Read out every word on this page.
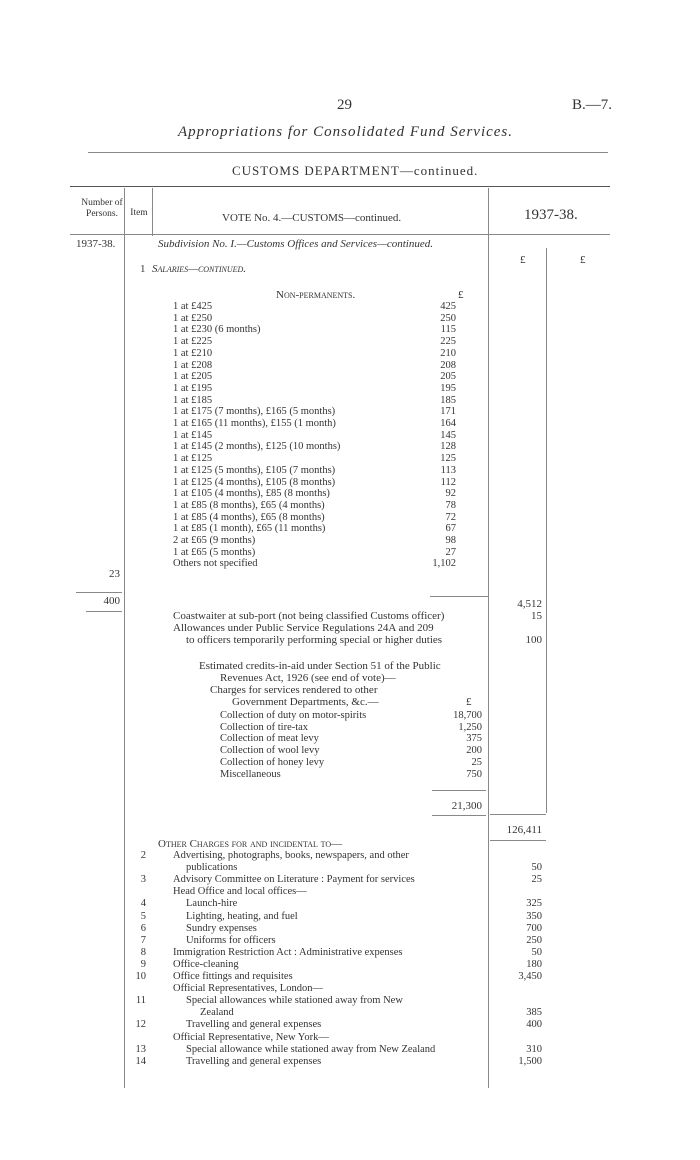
29	B.—7.
Appropriations for Consolidated Fund Services.
CUSTOMS DEPARTMENT—continued.
Number of Persons.	Item	VOTE No. 4.—CUSTOMS—continued.	1937-38.
1937-38.	Subdivision No. I.—Customs Offices and Services—continued.
£	£
1 Salaries—continued.
Non-permanents.	£
1 at £425	425
1 at £250	250
1 at £230 (6 months)	115
1 at £225	225
1 at £210	210
1 at £208	208
1 at £205	205
1 at £195	195
1 at £185	185
1 at £175 (7 months), £165 (5 months)	171
1 at £165 (11 months), £155 (1 month)	164
1 at £145	145
1 at £145 (2 months), £125 (10 months)	128
1 at £125	125
1 at £125 (5 months), £105 (7 months)	113
1 at £125 (4 months), £105 (8 months)	112
1 at £105 (4 months), £85 (8 months)	92
1 at £85 (8 months), £65 (4 months)	78
1 at £85 (4 months), £65 (8 months)	72
1 at £85 (1 month), £65 (11 months)	67
2 at £65 (9 months)	98
1 at £65 (5 months)	27
Others not specified	1,102
23
400	4,512
Coastwaiter at sub-port (not being classified Customs officer)	15
Allowances under Public Service Regulations 24A and 209
to officers temporarily performing special or higher duties	100
Estimated credits-in-aid under Section 51 of the Public
Revenues Act, 1926 (see end of vote)—
Charges for services rendered to other
Government Departments, &c.—	£
Collection of duty on motor-spirits	18,700
Collection of tire-tax	1,250
Collection of meat levy	375
Collection of wool levy	200
Collection of honey levy	25
Miscellaneous	750
21,300
126,411
Other Charges for and incidental to—
2	Advertising, photographs, books, newspapers, and other
publications	50
3	Advisory Committee on Literature : Payment for services	25
Head Office and local offices—
4	Launch-hire	325
5	Lighting, heating, and fuel	350
6	Sundry expenses	700
7	Uniforms for officers	250
8	Immigration Restriction Act : Administrative expenses	50
9	Office-cleaning	180
10	Office fittings and requisites	3,450
Official Representatives, London—
11	Special allowances while stationed away from New
Zealand	385
12	Travelling and general expenses	400
Official Representative, New York—
13	Special allowance while stationed away from New Zealand	310
14	Travelling and general expenses	1,500
